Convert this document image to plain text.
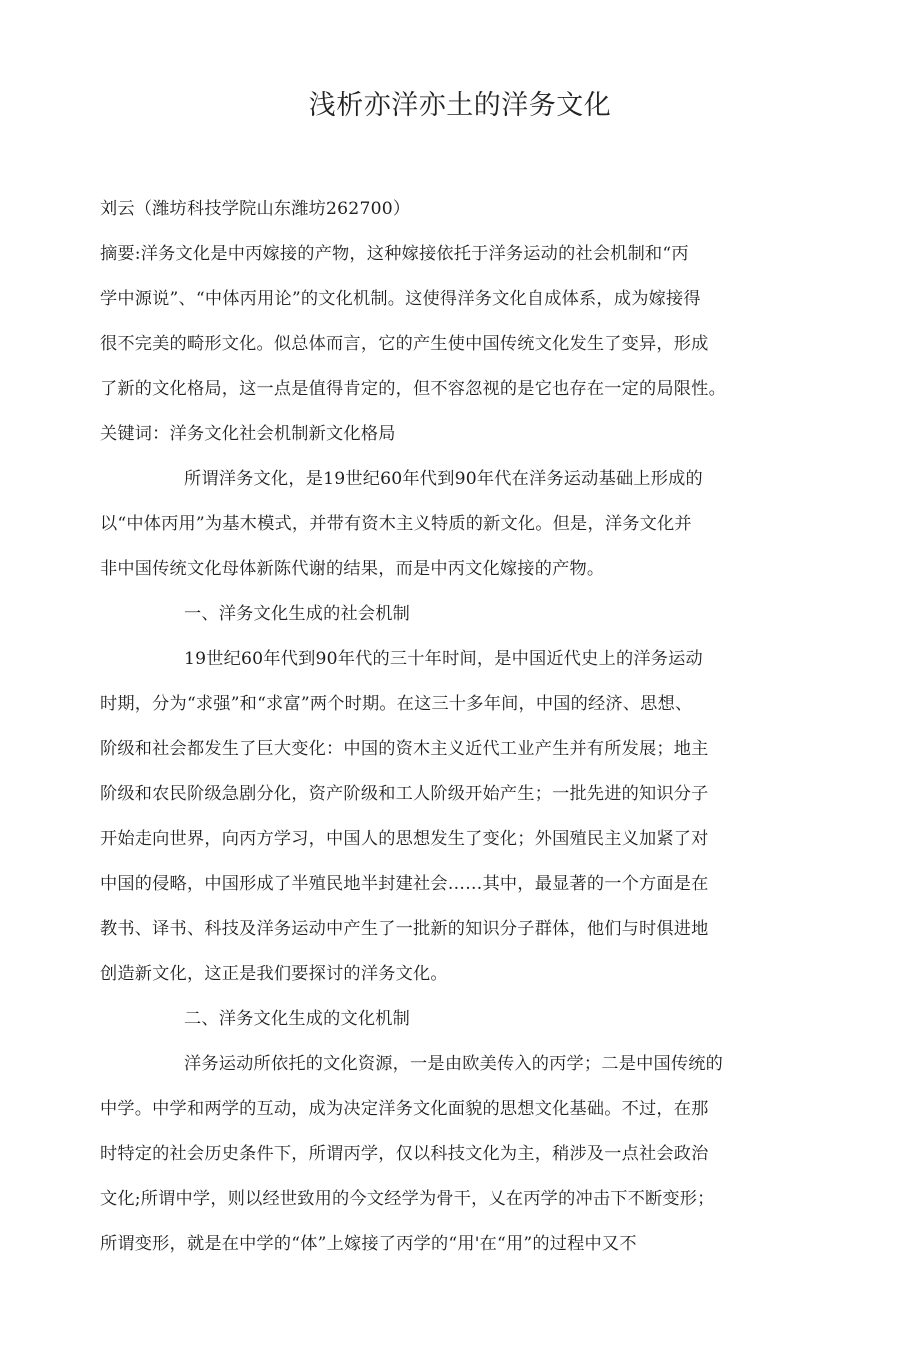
浅析亦洋亦土的洋务文化
刘云（潍坊科技学院山东潍坊262700）
摘要:洋务文化是中丙嫁接的产物，这种嫁接依托于洋务运动的社会机制和“丙
学中源说”、“中体丙用论”的文化机制。这使得洋务文化自成体系，成为嫁接得
很不完美的畸形文化。似总体而言，它的产生使中国传统文化发生了变异，形成
了新的文化格局，这一点是值得肯定的，但不容忽视的是它也存在一定的局限性。
关键词：洋务文化社会机制新文化格局
所谓洋务文化，是19世纪60年代到90年代在洋务运动基础上形成的
以“中体丙用”为基木模式，并带有资木主义特质的新文化。但是，洋务文化并
非中国传统文化母体新陈代谢的结果，而是中丙文化嫁接的产物。
一、洋务文化生成的社会机制
19世纪60年代到90年代的三十年时间，是中国近代史上的洋务运动
时期，分为“求强”和“求富”两个时期。在这三十多年间，中国的经济、思想、
阶级和社会都发生了巨大变化：中国的资木主义近代工业产生并有所发展；地主
阶级和农民阶级急剧分化，资产阶级和工人阶级开始产生；一批先进的知识分子
开始走向世界，向丙方学习，中国人的思想发生了变化；外国殖民主义加紧了对
中国的侵略，中国形成了半殖民地半封建社会……其中，最显著的一个方面是在
教书、译书、科技及洋务运动中产生了一批新的知识分子群体，他们与时俱进地
创造新文化，这正是我们要探讨的洋务文化。
二、洋务文化生成的文化机制
洋务运动所依托的文化资源，一是由欧美传入的丙学；二是中国传统的
中学。中学和两学的互动，成为决定洋务文化面貌的思想文化基础。不过，在那
时特定的社会历史条件下，所谓丙学，仅以科技文化为主，稍涉及一点社会政治
文化;所谓中学，则以经世致用的今文经学为骨干，乂在丙学的冲击下不断变形；
所谓变形，就是在中学的“体”上嫁接了丙学的“用'在“用”的过程中又不
